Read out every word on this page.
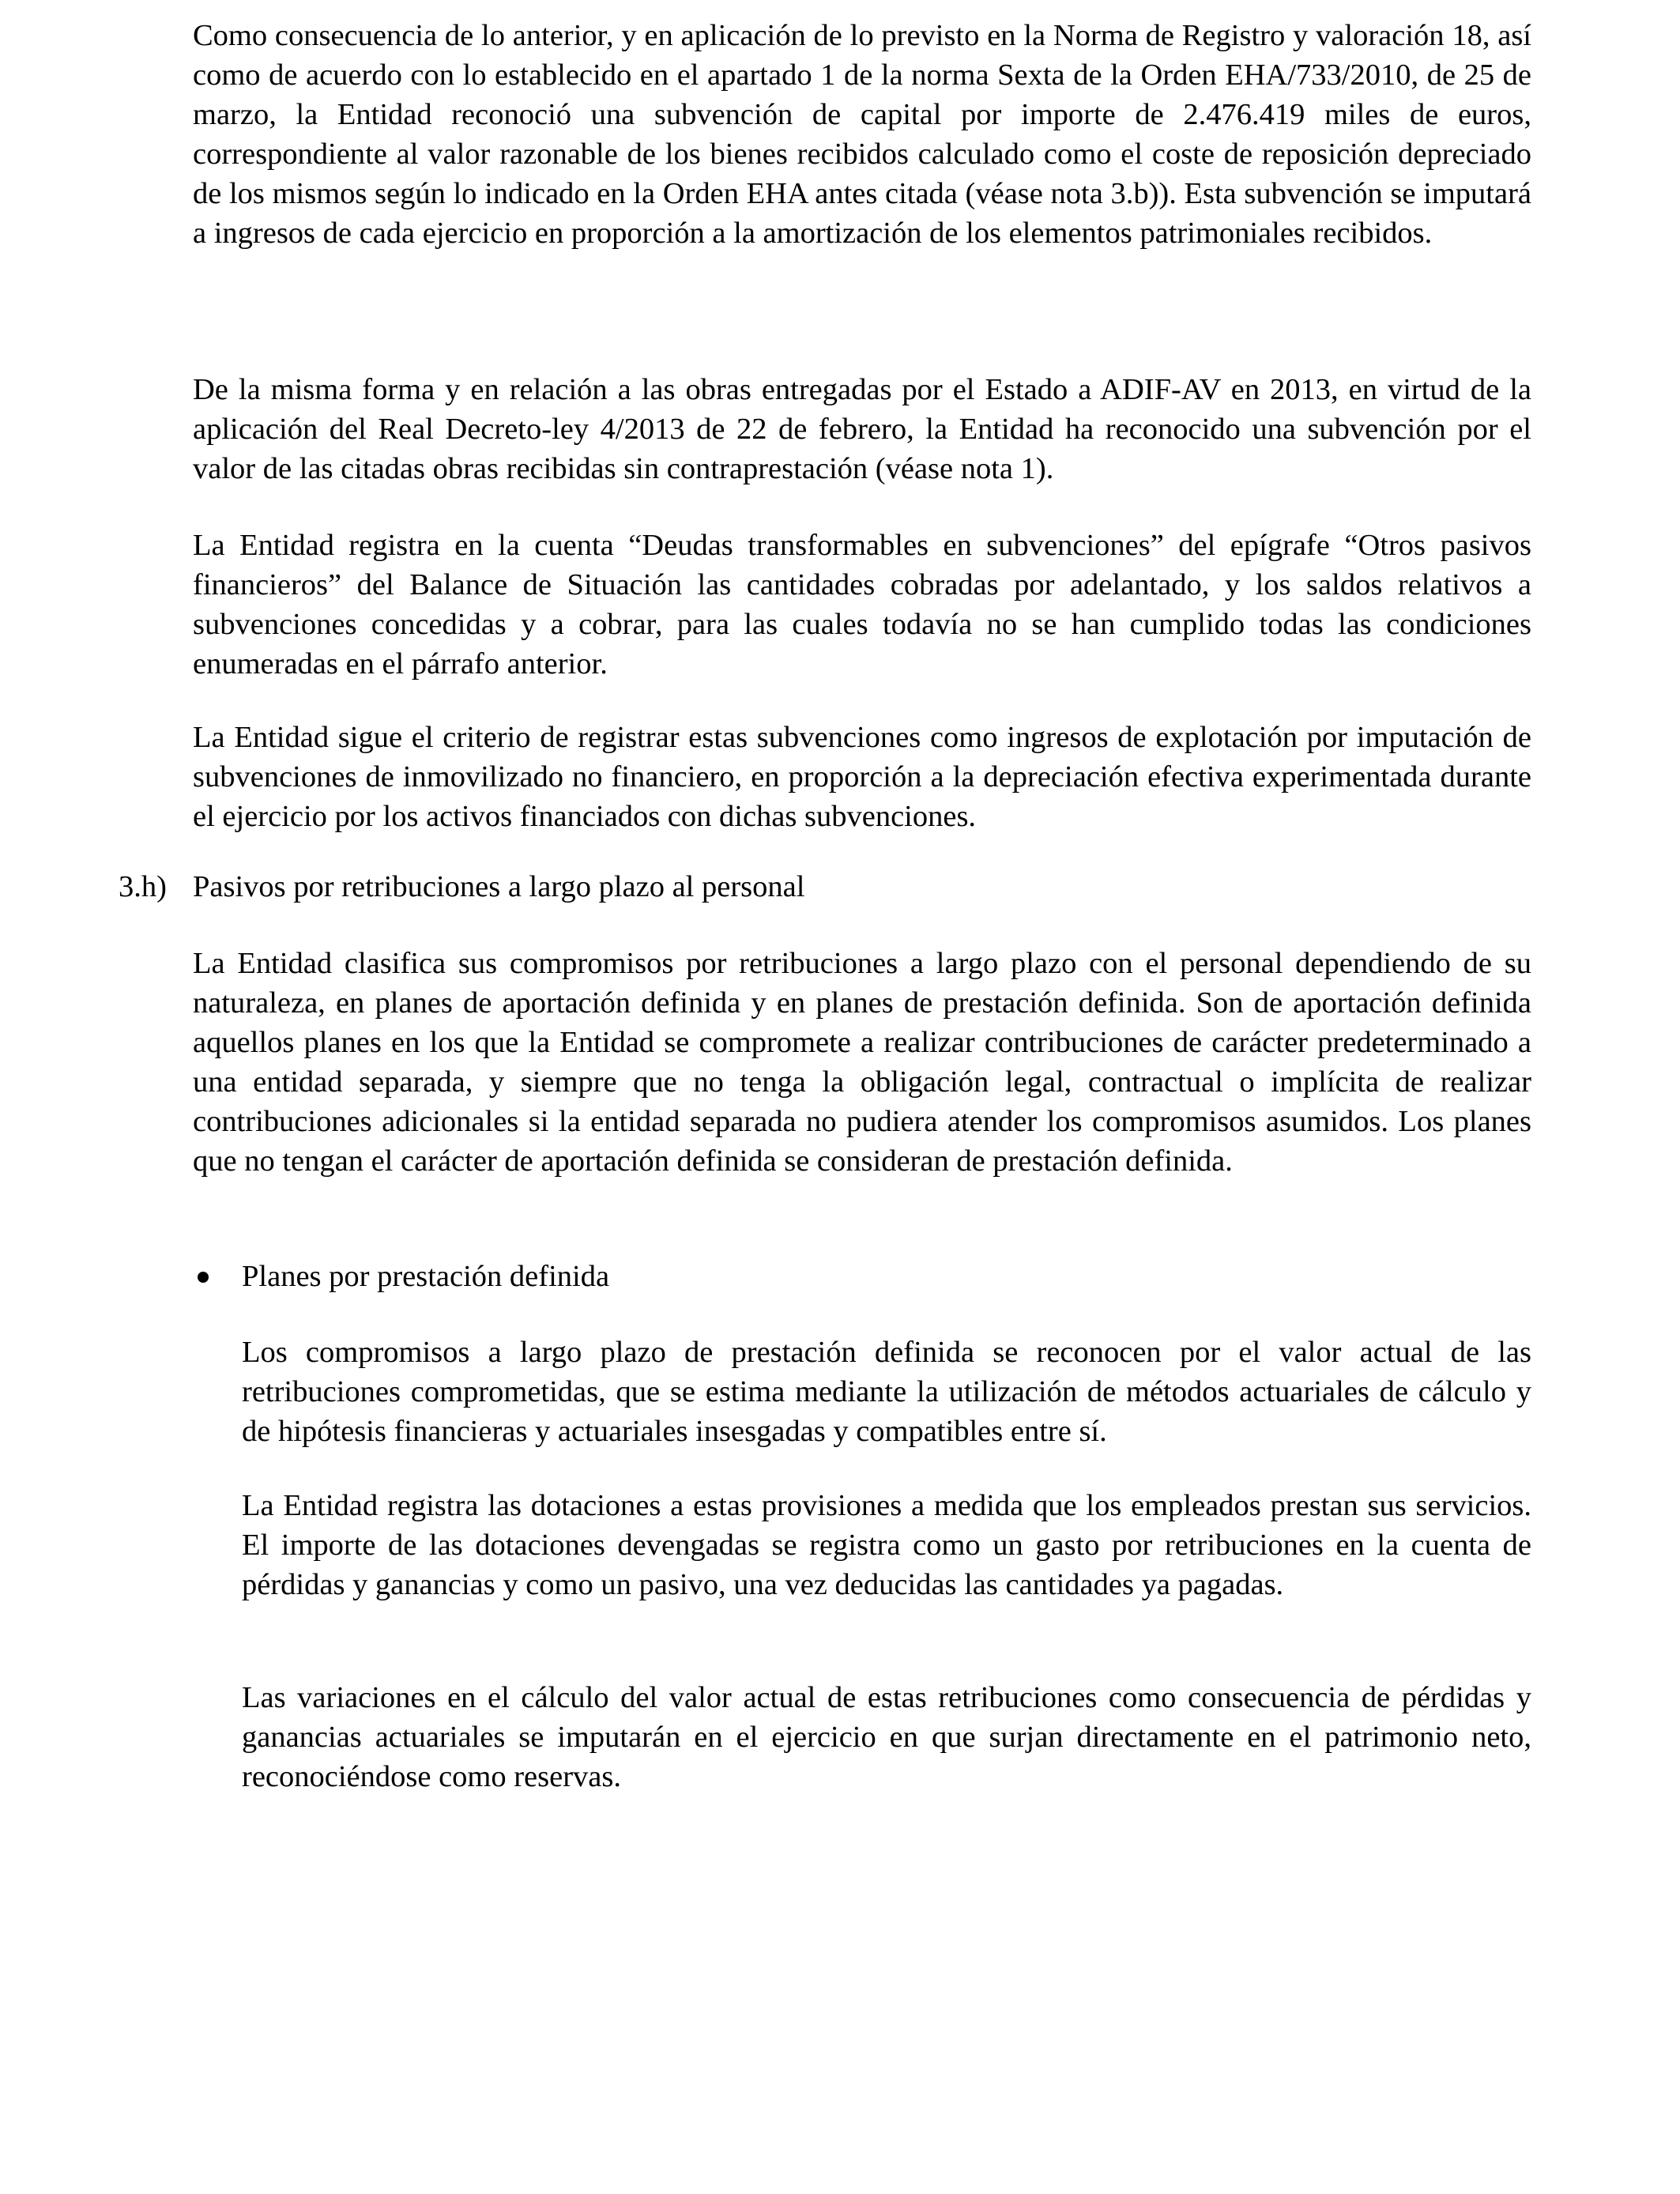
Como consecuencia de lo anterior, y en aplicación de lo previsto en la Norma de Registro y valoración 18, así como de acuerdo con lo establecido en el apartado 1 de la norma Sexta de la Orden EHA/733/2010, de 25 de marzo, la Entidad reconoció una subvención de capital por importe de 2.476.419 miles de euros, correspondiente al valor razonable de los bienes recibidos calculado como el coste de reposición depreciado de los mismos según lo indicado en la Orden EHA antes citada (véase nota 3.b)). Esta subvención se imputará a ingresos de cada ejercicio en proporción a la amortización de los elementos patrimoniales recibidos.

De la misma forma y en relación a las obras entregadas por el Estado a ADIF-AV en 2013, en virtud de la aplicación del Real Decreto-ley 4/2013 de 22 de febrero, la Entidad ha reconocido una subvención por el valor de las citadas obras recibidas sin contraprestación (véase nota 1).

La Entidad registra en la cuenta “Deudas transformables en subvenciones” del epígrafe “Otros pasivos financieros” del Balance de Situación las cantidades cobradas por adelantado, y los saldos relativos a subvenciones concedidas y a cobrar, para las cuales todavía no se han cumplido todas las condiciones enumeradas en el párrafo anterior.

La Entidad sigue el criterio de registrar estas subvenciones como ingresos de explotación por imputación de subvenciones de inmovilizado no financiero, en proporción a la depreciación efectiva experimentada durante el ejercicio por los activos financiados con dichas subvenciones.

3.h) Pasivos por retribuciones a largo plazo al personal

La Entidad clasifica sus compromisos por retribuciones a largo plazo con el personal dependiendo de su naturaleza, en planes de aportación definida y en planes de prestación definida. Son de aportación definida aquellos planes en los que la Entidad se compromete a realizar contribuciones de carácter predeterminado a una entidad separada, y siempre que no tenga la obligación legal, contractual o implícita de realizar contribuciones adicionales si la entidad separada no pudiera atender los compromisos asumidos. Los planes que no tengan el carácter de aportación definida se consideran de prestación definida.

Planes por prestación definida

Los compromisos a largo plazo de prestación definida se reconocen por el valor actual de las retribuciones comprometidas, que se estima mediante la utilización de métodos actuariales de cálculo y de hipótesis financieras y actuariales insesgadas y compatibles entre sí.

La Entidad registra las dotaciones a estas provisiones a medida que los empleados prestan sus servicios. El importe de las dotaciones devengadas se registra como un gasto por retribuciones en la cuenta de pérdidas y ganancias y como un pasivo, una vez deducidas las cantidades ya pagadas.

Las variaciones en el cálculo del valor actual de estas retribuciones como consecuencia de pérdidas y ganancias actuariales se imputarán en el ejercicio en que surjan directamente en el patrimonio neto, reconociéndose como reservas.
